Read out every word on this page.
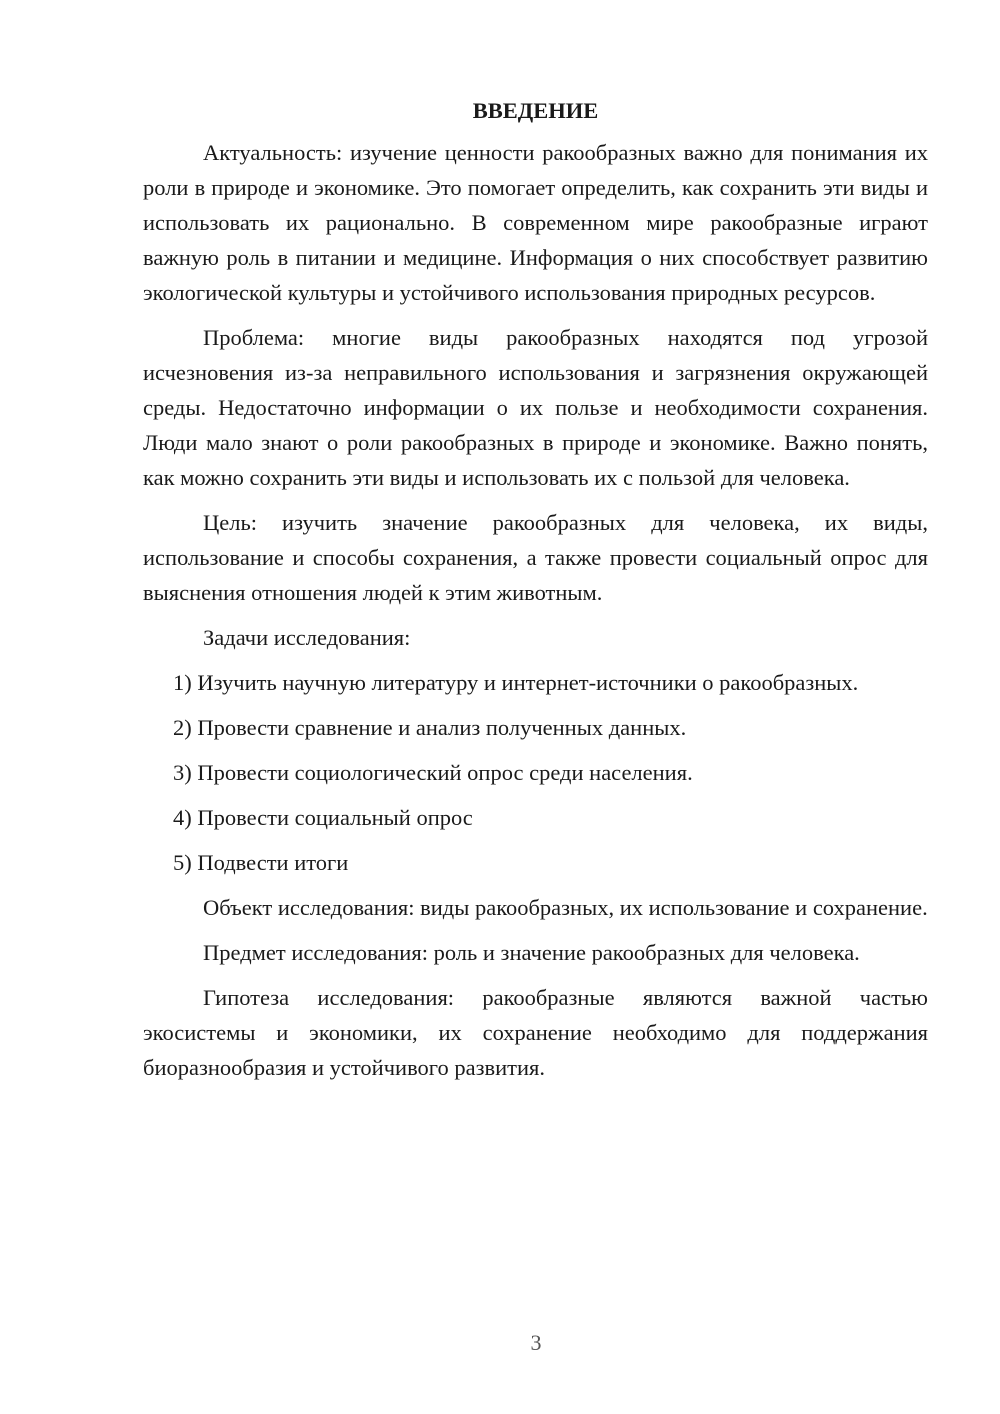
ВВЕДЕНИЕ

Актуальность: изучение ценности ракообразных важно для понимания их роли в природе и экономике. Это помогает определить, как сохранить эти виды и использовать их рационально. В современном мире ракообразные играют важную роль в питании и медицине. Информация о них способствует развитию экологической культуры и устойчивого использования природных ресурсов.

Проблема: многие виды ракообразных находятся под угрозой исчезновения из-за неправильного использования и загрязнения окружающей среды. Недостаточно информации о их пользе и необходимости сохранения. Люди мало знают о роли ракообразных в природе и экономике. Важно понять, как можно сохранить эти виды и использовать их с пользой для человека.

Цель: изучить значение ракообразных для человека, их виды, использование и способы сохранения, а также провести социальный опрос для выяснения отношения людей к этим животным.

Задачи исследования:

1) Изучить научную литературу и интернет-источники о ракообразных.

2) Провести сравнение и анализ полученных данных.

3) Провести социологический опрос среди населения.

4) Провести социальный опрос

5) Подвести итоги

Объект исследования: виды ракообразных, их использование и сохранение.

Предмет исследования: роль и значение ракообразных для человека.

Гипотеза исследования: ракообразные являются важной частью экосистемы и экономики, их сохранение необходимо для поддержания биоразнообразия и устойчивого развития.

3
